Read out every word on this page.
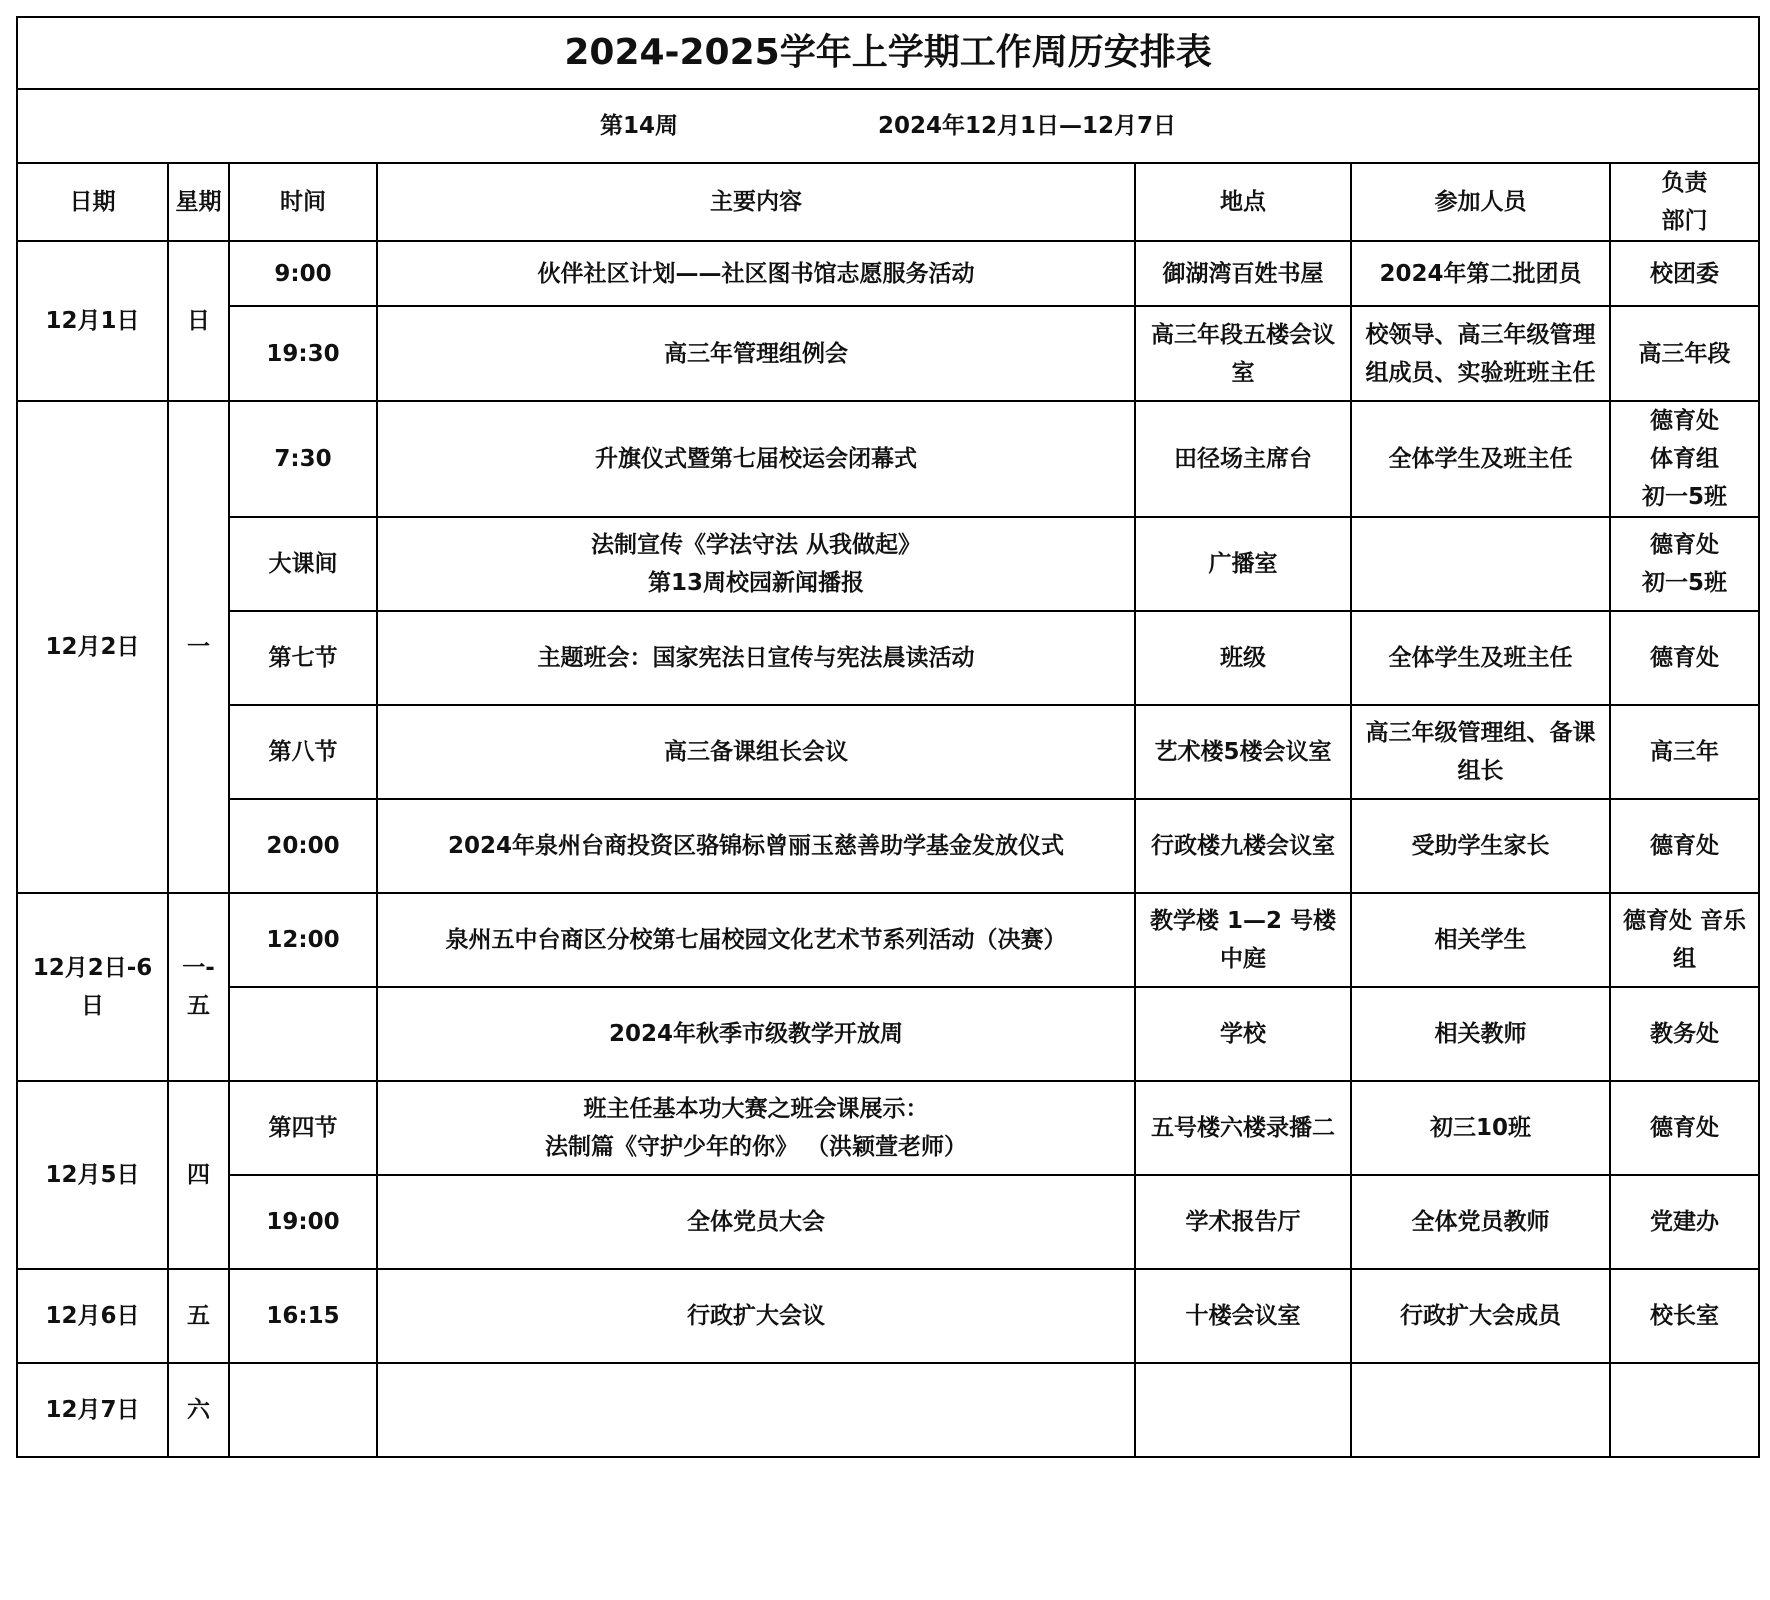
2024-2025学年上学期工作周历安排表						
第14周 2024年12月1日—12月7日						
日期	星期	时间	主要内容	地点	参加人员	负责
部门

12月1日	日	9:00	伙伴社区计划——社区图书馆志愿服务活动	御湖湾百姓书屋	2024年第二批团员	校团委

		19:30	高三年管理组例会	高三年段五楼会议室	校领导、高三年级管理组成员、实验班班主任	高三年段

12月2日	一	7:30	升旗仪式暨第七届校运会闭幕式	田径场主席台	全体学生及班主任	德育处
体育组
初一5班

		大课间	法制宣传《学法守法 从我做起》
第13周校园新闻播报	广播室		德育处
初一5班

		第七节	主题班会：国家宪法日宣传与宪法晨读活动	班级	全体学生及班主任	德育处

		第八节	高三备课组长会议	艺术楼5楼会议室	高三年级管理组、备课组长	高三年

		20:00	2024年泉州台商投资区骆锦标曾丽玉慈善助学基金发放仪式	行政楼九楼会议室	受助学生家长	德育处

12月2日-6日	一-五	12:00	泉州五中台商区分校第七届校园文化艺术节系列活动（决赛）	教学楼 1—2 号楼中庭	相关学生	德育处 音乐组

			2024年秋季市级教学开放周	学校	相关教师	教务处

12月5日	四	第四节	班主任基本功大赛之班会课展示：
法制篇《守护少年的你》 （洪颖萱老师）	五号楼六楼录播二	初三10班	德育处

		19:00	全体党员大会	学术报告厅	全体党员教师	党建办

12月6日	五	16:15	行政扩大会议	十楼会议室	行政扩大会成员	校长室

12月7日	六		
